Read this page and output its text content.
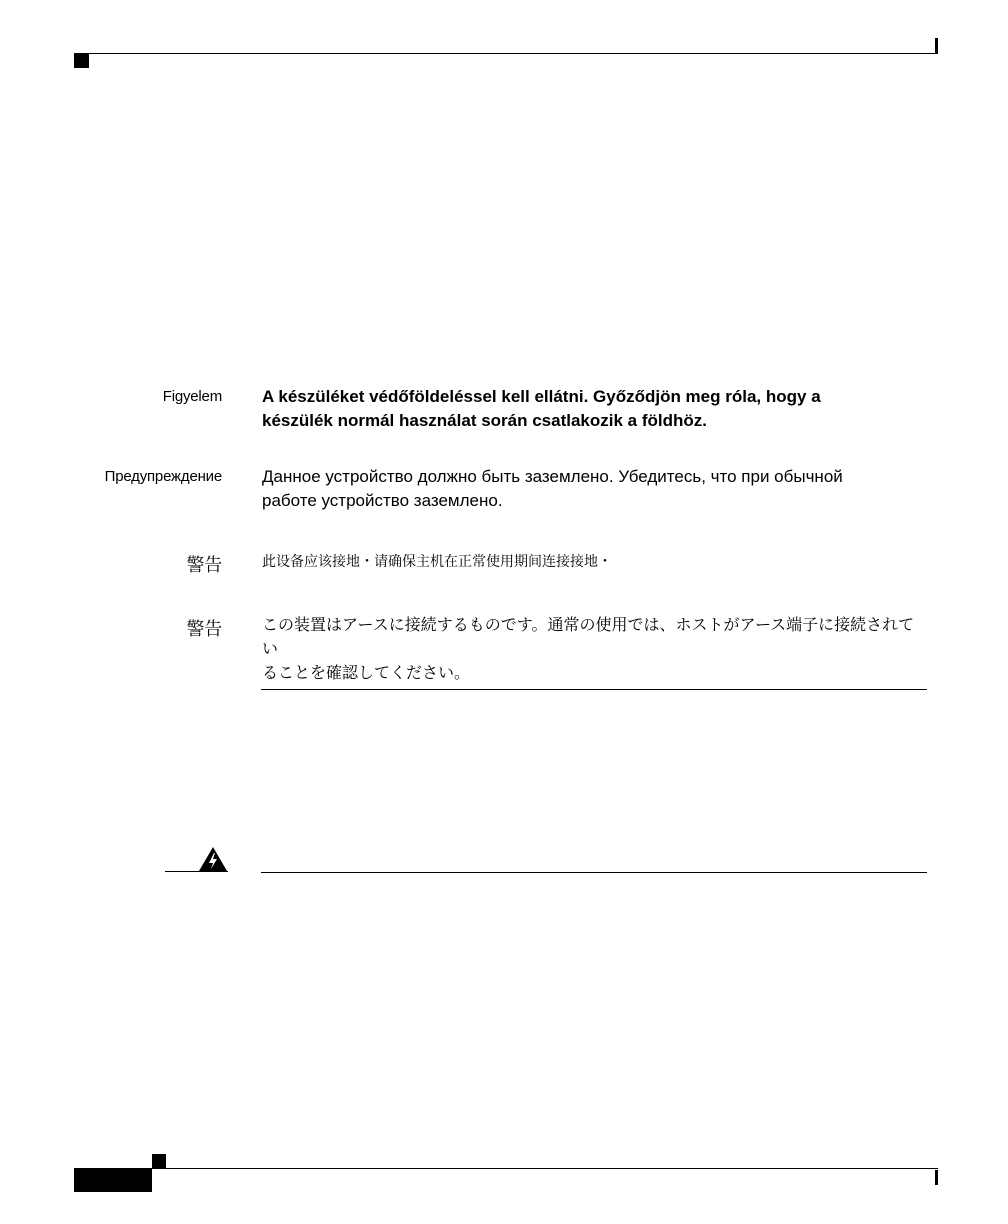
Figyelem A készüléket védőföldeléssel kell ellátni. Győződjön meg róla, hogy a
készülék normál használat során csatlakozik a földhöz.
Предупреждение Данное устройство должно быть заземлено. Убедитесь, что при обычной
работе устройство заземлено.
警告	此设备应该接地・请确保主机在正常使用期间连接接地・
警告	この装置はアースに接続するものです。通常の使用では、ホストがアース端子に接続されてい
ることを確認してください。
